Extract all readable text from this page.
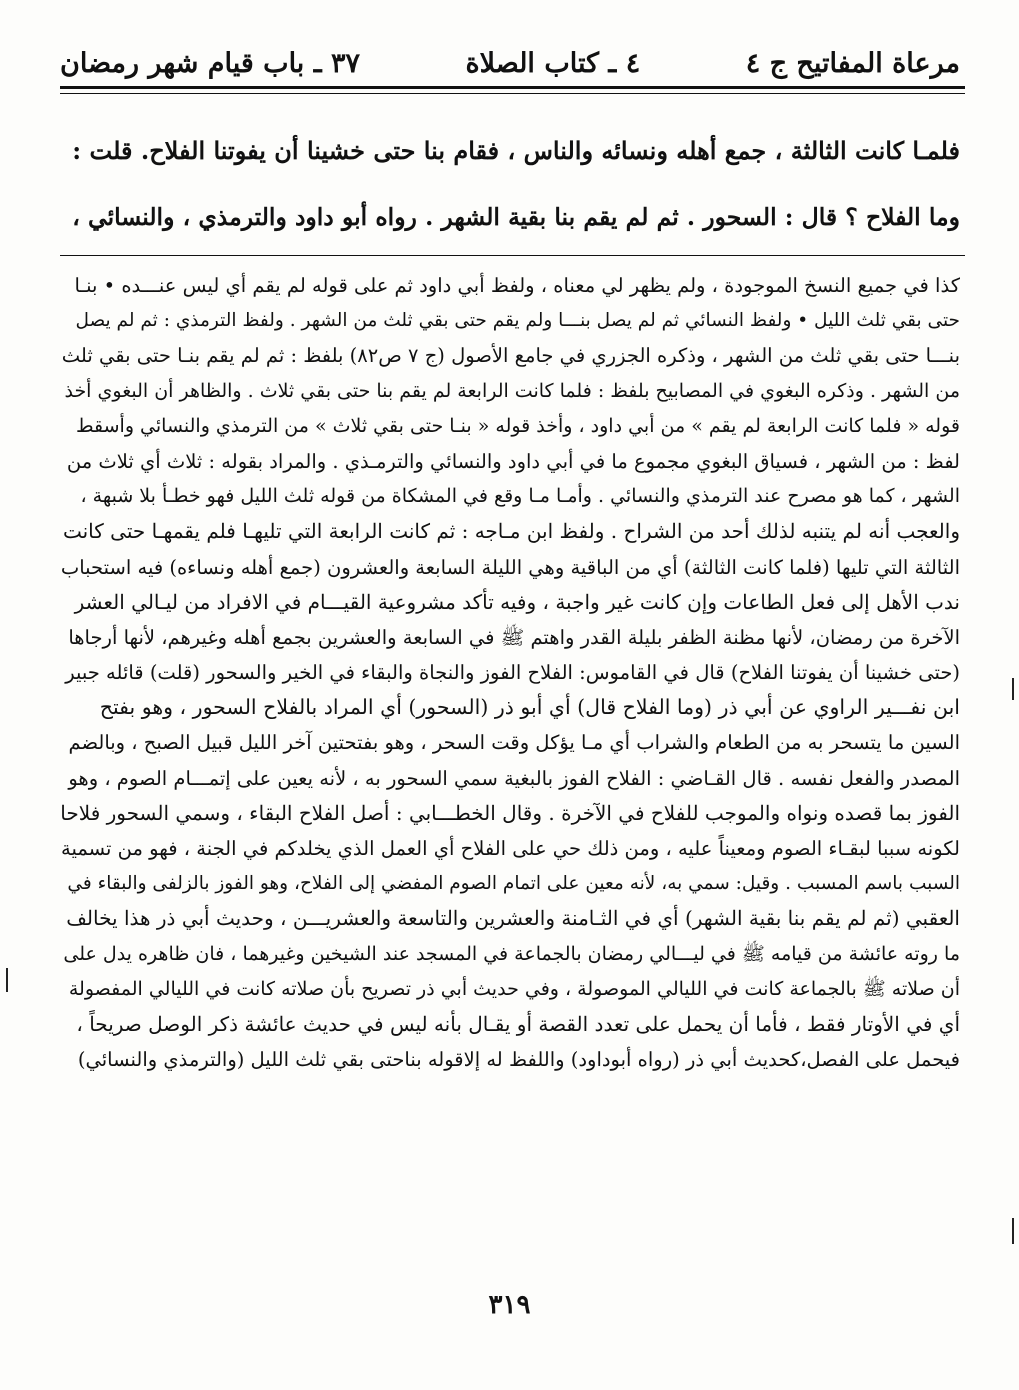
مرعاة المفاتيح ج ٤
٤ ـ كتاب الصلاة
٣٧ ـ باب قيام شهر رمضان
فلمـا كانت الثالثة ، جمع أهله ونسائه والناس ، فقام بنا حتى خشينا أن يفوتنا الفلاح. قلت :
وما الفلاح ؟ قال : السحور . ثم لم يقم بنا بقية الشهر . رواه أبو داود والترمذي ، والنسائي ،
كذا في جميع النسخ الموجودة ، ولم يظهر لي معناه ، ولفظ أبي داود ثم على قوله لم يقم أي ليس عنـــده • بنـا
حتى بقي ثلث الليل • ولفظ النسائي ثم لم يصل بنـــا ولم يقم حتى بقي ثلث من الشهر . ولفظ الترمذي : ثم لم يصل
بنـــا حتى بقي ثلث من الشهر ، وذكره الجزري في جامع الأصول (ج ٧ ص٨٢) بلفظ : ثم لم يقم بنـا حتى بقي ثلث
من الشهر . وذكره البغوي في المصابيح بلفظ : فلما كانت الرابعة لم يقم بنا حتى بقي ثلاث . والظاهر أن البغوي أخذ
قوله « فلما كانت الرابعة لم يقم » من أبي داود ، وأخذ قوله « بنـا حتى بقي ثلاث » من الترمذي والنسائي وأسقط
لفظ : من الشهر ، فسياق البغوي مجموع ما في أبي داود والنسائي والترمـذي . والمراد بقوله : ثلاث أي ثلاث من
الشهر ، كما هو مصرح عند الترمذي والنسائي . وأمـا مـا وقع في المشكاة من قوله ثلث الليل فهو خطـأ بلا شبهة ،
والعجب أنه لم يتنبه لذلك أحد من الشراح . ولفظ ابن مـاجه : ثم كانت الرابعة التي تليهـا فلم يقمهـا حتى كانت
الثالثة التي تليها (فلما كانت الثالثة) أي من الباقية وهي الليلة السابعة والعشرون (جمع أهله ونساءه) فيه استحباب
ندب الأهل إلى فعل الطاعات وإن كانت غير واجبة ، وفيه تأكد مشروعية القيـــام في الافراد من ليـالي العشر
الآخرة من رمضان، لأنها مظنة الظفر بليلة القدر واهتم ﷺ في السابعة والعشرين بجمع أهله وغيرهم، لأنها أرجاها
(حتى خشينا أن يفوتنا الفلاح) قال في القاموس: الفلاح الفوز والنجاة والبقاء في الخير والسحور (قلت) قائله جبير
ابن نفـــير الراوي عن أبي ذر (وما الفلاح قال) أي أبو ذر (السحور) أي المراد بالفلاح السحور ، وهو بفتح
السين ما يتسحر به من الطعام والشراب أي مـا يؤكل وقت السحر ، وهو بفتحتين آخر الليل قبيل الصبح ، وبالضم
المصدر والفعل نفسه . قال القـاضي : الفلاح الفوز بالبغية سمي السحور به ، لأنه يعين على إتمـــام الصوم ، وهو
الفوز بما قصده ونواه والموجب للفلاح في الآخرة . وقال الخطـــابي : أصل الفلاح البقاء ، وسمي السحور فلاحا
لكونه سببا لبقـاء الصوم ومعيناً عليه ، ومن ذلك حي على الفلاح أي العمل الذي يخلدكم في الجنة ، فهو من تسمية
السبب باسم المسبب . وقيل: سمي به، لأنه معين على اتمام الصوم المفضي إلى الفلاح، وهو الفوز بالزلفى والبقاء في
العقبي (ثم لم يقم بنا بقية الشهر) أي في الثـامنة والعشرين والتاسعة والعشريـــن ، وحديث أبي ذر هذا يخالف
ما روته عائشة من قيامه ﷺ في ليـــالي رمضان بالجماعة في المسجد عند الشيخين وغيرهما ، فان ظاهره يدل على
أن صلاته ﷺ بالجماعة كانت في الليالي الموصولة ، وفي حديث أبي ذر تصريح بأن صلاته كانت في الليالي المفصولة
أي في الأوتار فقط ، فأما أن يحمل على تعدد القصة أو يقـال بأنه ليس في حديث عائشة ذكر الوصل صريحاً ،
فيحمل على الفصل،كحديث أبي ذر (رواه أبوداود) واللفظ له إلاقوله بناحتى بقي ثلث الليل (والترمذي والنسائي)
٣١٩
